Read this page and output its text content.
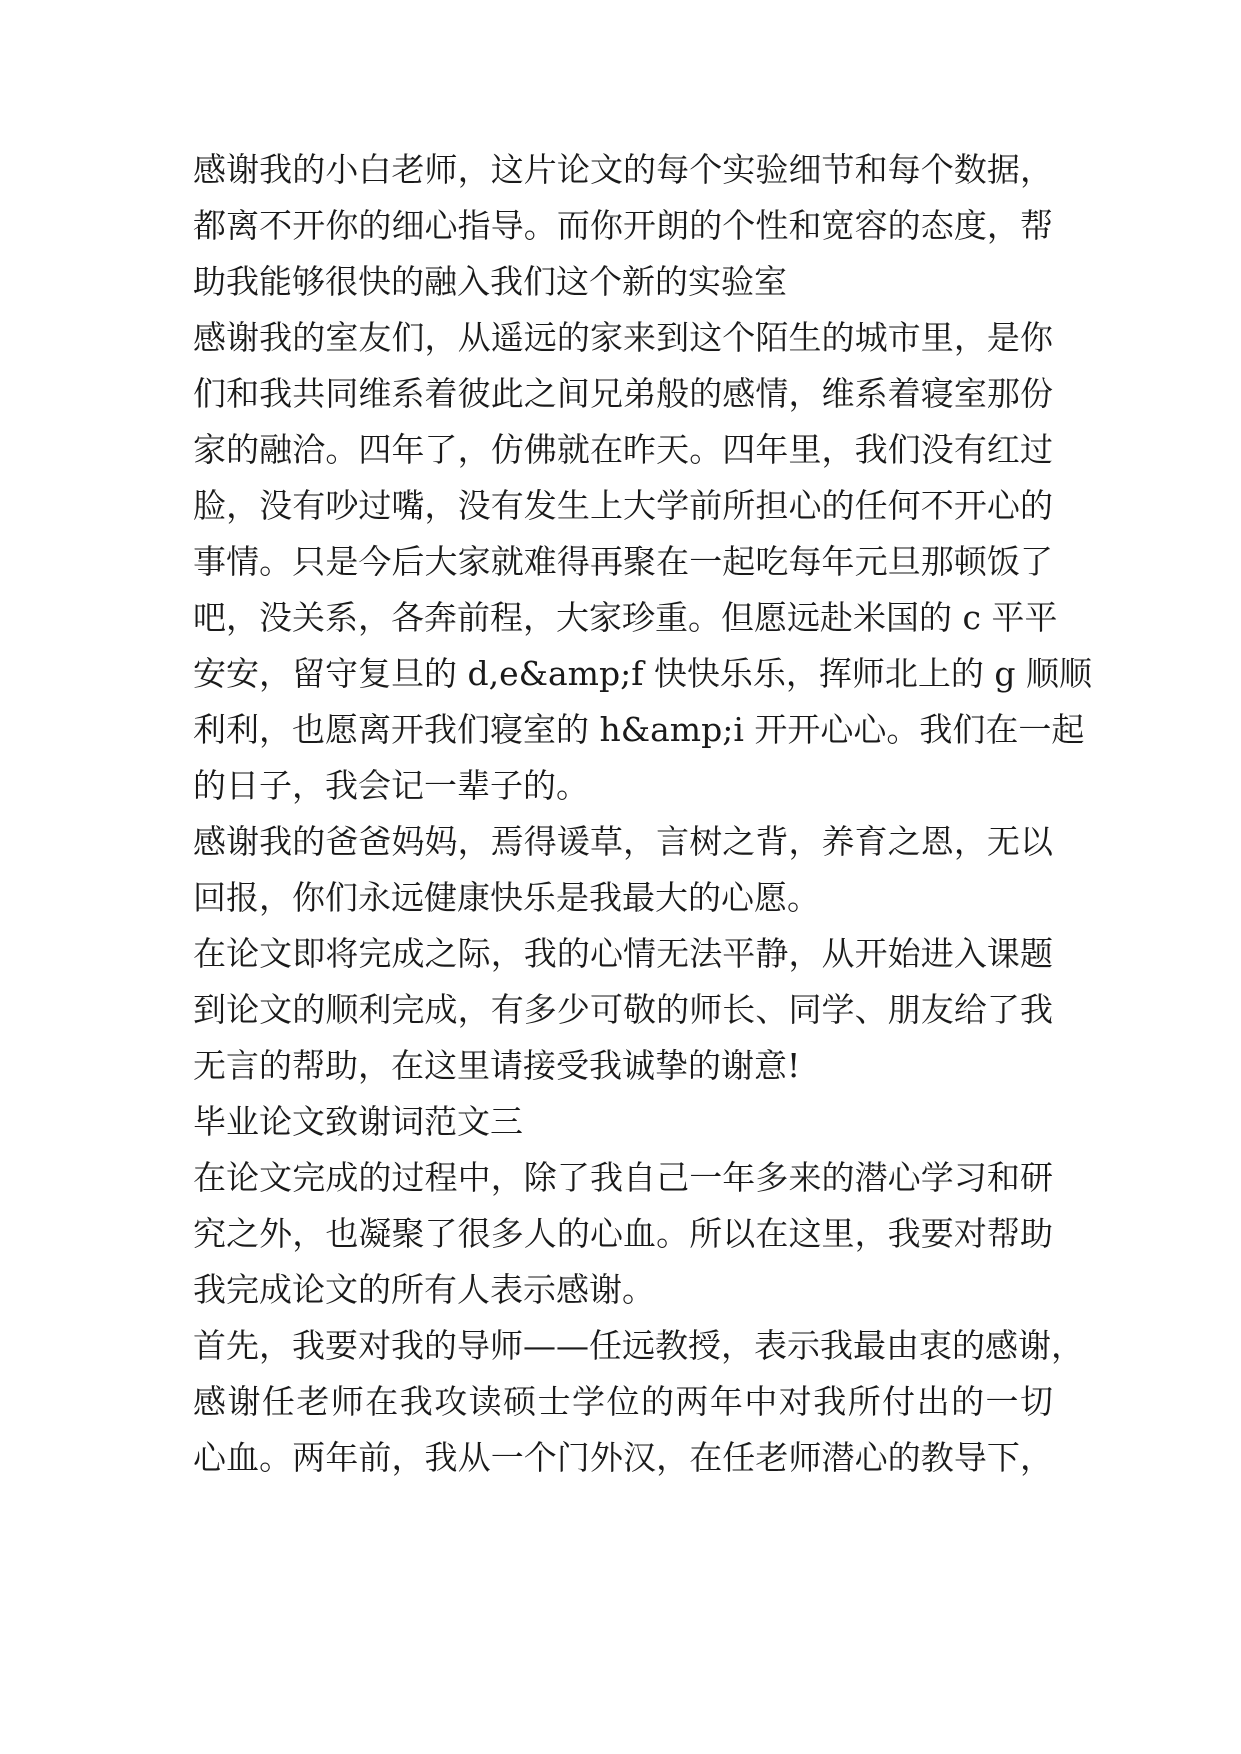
感谢我的小白老师，这片论文的每个实验细节和每个数据，
都离不开你的细心指导。而你开朗的个性和宽容的态度，帮
助我能够很快的融入我们这个新的实验室
感谢我的室友们，从遥远的家来到这个陌生的城市里，是你
们和我共同维系着彼此之间兄弟般的感情，维系着寝室那份
家的融洽。四年了，仿佛就在昨天。四年里，我们没有红过
脸，没有吵过嘴，没有发生上大学前所担心的任何不开心的
事情。只是今后大家就难得再聚在一起吃每年元旦那顿饭了
吧，没关系，各奔前程，大家珍重。但愿远赴米国的 c 平平
安安，留守复旦的 d,e&amp;f 快快乐乐，挥师北上的 g 顺顺
利利，也愿离开我们寝室的 h&amp;i 开开心心。我们在一起
的日子，我会记一辈子的。
感谢我的爸爸妈妈，焉得谖草，言树之背，养育之恩，无以
回报，你们永远健康快乐是我最大的心愿。
在论文即将完成之际，我的心情无法平静，从开始进入课题
到论文的顺利完成，有多少可敬的师长、同学、朋友给了我
无言的帮助，在这里请接受我诚挚的谢意!
毕业论文致谢词范文三
在论文完成的过程中，除了我自己一年多来的潜心学习和研
究之外，也凝聚了很多人的心血。所以在这里，我要对帮助
我完成论文的所有人表示感谢。
首先，我要对我的导师——任远教授，表示我最由衷的感谢，
感谢任老师在我攻读硕士学位的两年中对我所付出的一切
心血。两年前，我从一个门外汉，在任老师潜心的教导下，
